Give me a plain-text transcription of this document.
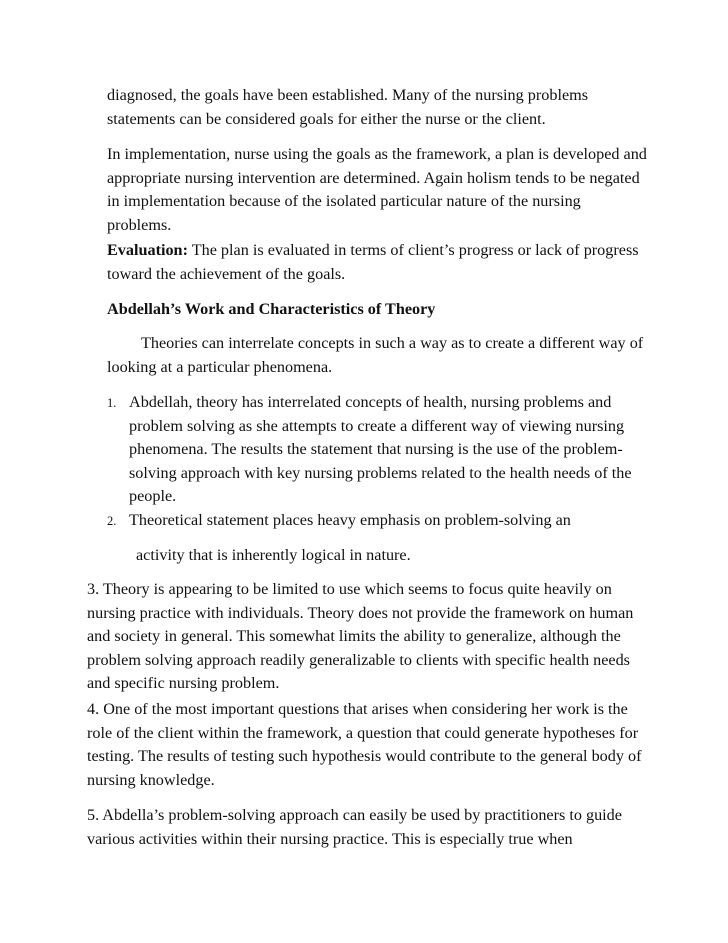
diagnosed, the goals have been established. Many of the nursing problems statements can be considered goals for either the nurse or the client.

In implementation, nurse using the goals as the framework, a plan is developed and appropriate nursing intervention are determined. Again holism tends to be negated in implementation because of the isolated particular nature of the nursing problems.

Evaluation: The plan is evaluated in terms of client’s progress or lack of progress toward the achievement of the goals.

Abdellah’s Work and Characteristics of Theory

Theories can interrelate concepts in such a way as to create a different way of looking at a particular phenomena.

1. Abdellah, theory has interrelated concepts of health, nursing problems and problem solving as she attempts to create a different way of viewing nursing phenomena. The results the statement that nursing is the use of the problem-solving approach with key nursing problems related to the health needs of the people.

2. Theoretical statement places heavy emphasis on problem-solving an

activity that is inherently logical in nature.

3. Theory is appearing to be limited to use which seems to focus quite heavily on nursing practice with individuals. Theory does not provide the framework on human and society in general. This somewhat limits the ability to generalize, although the problem solving approach readily generalizable to clients with specific health needs and specific nursing problem.

4. One of the most important questions that arises when considering her work is the role of the client within the framework, a question that could generate hypotheses for testing. The results of testing such hypothesis would contribute to the general body of nursing knowledge.

5. Abdella’s problem-solving approach can easily be used by practitioners to guide various activities within their nursing practice. This is especially true when
